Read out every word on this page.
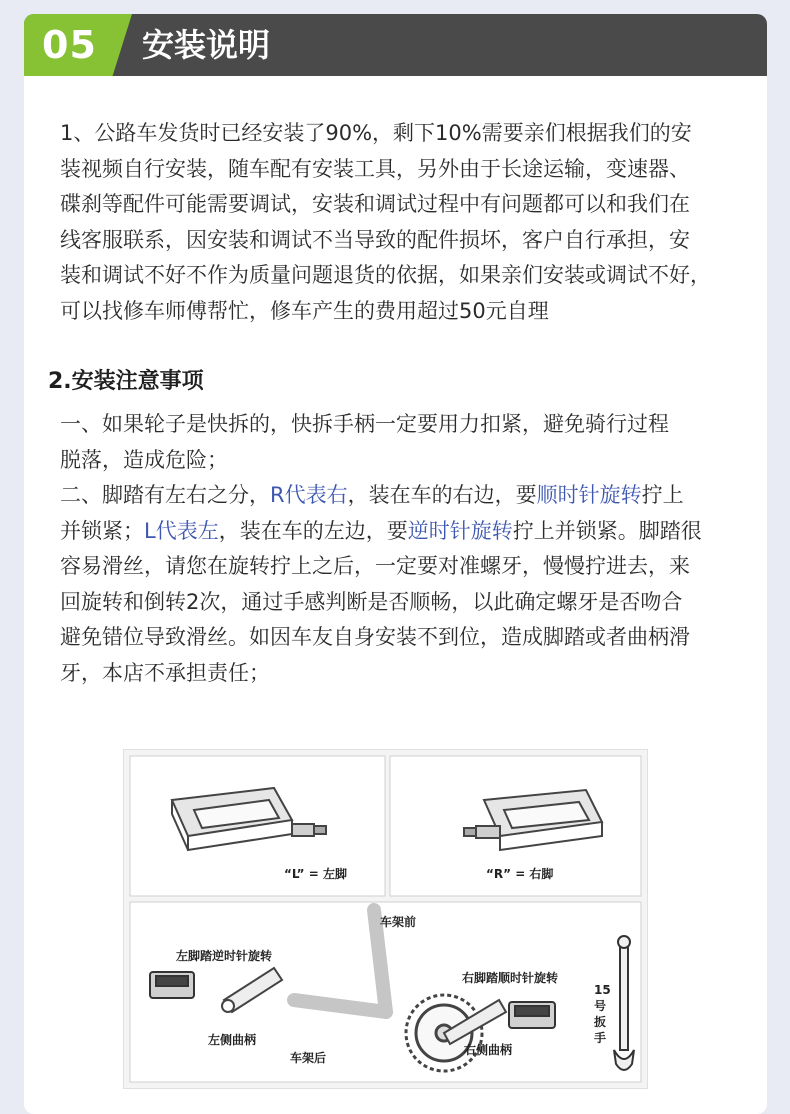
05 安装说明
1、公路车发货时已经安装了90%，剩下10%需要亲们根据我们的安
装视频自行安装，随车配有安装工具，另外由于长途运输，变速器、
碟刹等配件可能需要调试，安装和调试过程中有问题都可以和我们在
线客服联系，因安装和调试不当导致的配件损坏，客户自行承担，安
装和调试不好不作为质量问题退货的依据，如果亲们安装或调试不好，
可以找修车师傅帮忙，修车产生的费用超过50元自理
2.安装注意事项
一、如果轮子是快拆的，快拆手柄一定要用力扣紧，避免骑行过程
脱落，造成危险；
二、脚踏有左右之分，R代表右，装在车的右边，要顺时针旋转拧上
并锁紧；L代表左，装在车的左边，要逆时针旋转拧上并锁紧。脚踏很
容易滑丝，请您在旋转拧上之后，一定要对准螺牙，慢慢拧进去，来
回旋转和倒转2次，通过手感判断是否顺畅，以此确定螺牙是否吻合
避免错位导致滑丝。如因车友自身安装不到位，造成脚踏或者曲柄滑
牙，本店不承担责任；
“L” = 左脚	“R” = 右脚
车架前
左脚踏逆时针旋转
右脚踏顺时针旋转
左侧曲柄
右侧曲柄
车架后
15
号
扳
手
